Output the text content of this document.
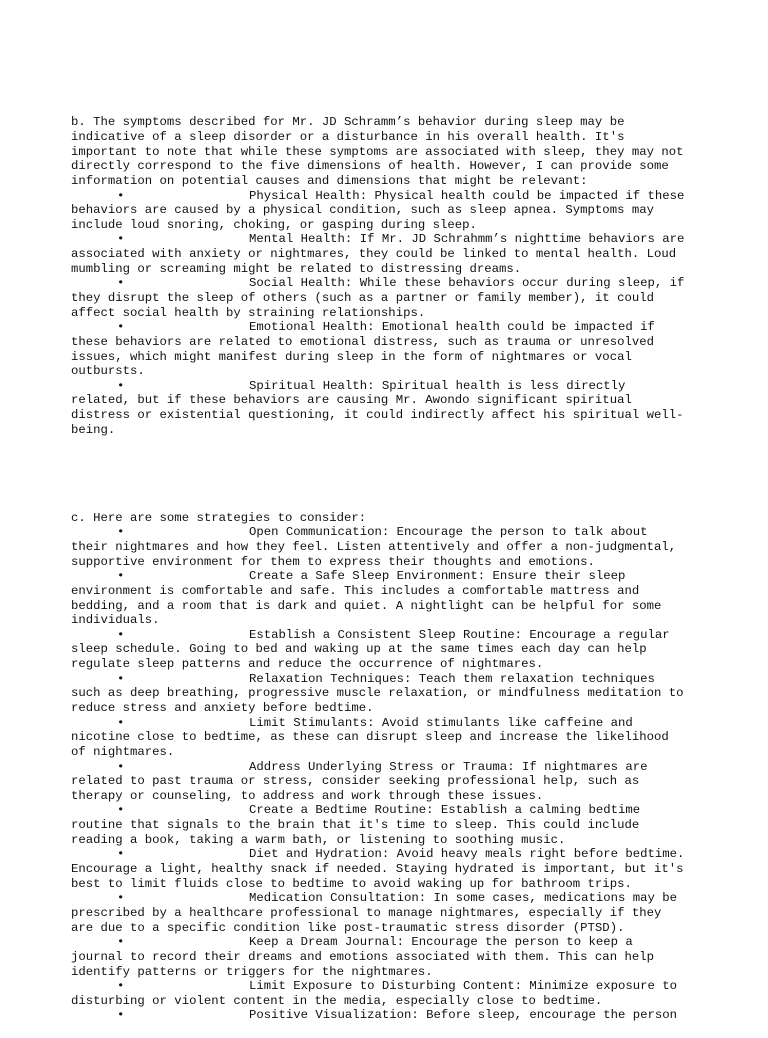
b. The symptoms described for Mr. JD Schramm’s behavior during sleep may be
indicative of a sleep disorder or a disturbance in his overall health. It's
important to note that while these symptoms are associated with sleep, they may not
directly correspond to the five dimensions of health. However, I can provide some
information on potential causes and dimensions that might be relevant:
•	Physical Health: Physical health could be impacted if these
behaviors are caused by a physical condition, such as sleep apnea. Symptoms may
include loud snoring, choking, or gasping during sleep.
•	Mental Health: If Mr. JD Schrahmm’s nighttime behaviors are
associated with anxiety or nightmares, they could be linked to mental health. Loud
mumbling or screaming might be related to distressing dreams.
•	Social Health: While these behaviors occur during sleep, if
they disrupt the sleep of others (such as a partner or family member), it could
affect social health by straining relationships.
•	Emotional Health: Emotional health could be impacted if
these behaviors are related to emotional distress, such as trauma or unresolved
issues, which might manifest during sleep in the form of nightmares or vocal
outbursts.
•	Spiritual Health: Spiritual health is less directly
related, but if these behaviors are causing Mr. Awondo significant spiritual
distress or existential questioning, it could indirectly affect his spiritual well-
being.

c. Here are some strategies to consider:
•	Open Communication: Encourage the person to talk about
their nightmares and how they feel. Listen attentively and offer a non-judgmental,
supportive environment for them to express their thoughts and emotions.
•	Create a Safe Sleep Environment: Ensure their sleep
environment is comfortable and safe. This includes a comfortable mattress and
bedding, and a room that is dark and quiet. A nightlight can be helpful for some
individuals.
•	Establish a Consistent Sleep Routine: Encourage a regular
sleep schedule. Going to bed and waking up at the same times each day can help
regulate sleep patterns and reduce the occurrence of nightmares.
•	Relaxation Techniques: Teach them relaxation techniques
such as deep breathing, progressive muscle relaxation, or mindfulness meditation to
reduce stress and anxiety before bedtime.
•	Limit Stimulants: Avoid stimulants like caffeine and
nicotine close to bedtime, as these can disrupt sleep and increase the likelihood
of nightmares.
•	Address Underlying Stress or Trauma: If nightmares are
related to past trauma or stress, consider seeking professional help, such as
therapy or counseling, to address and work through these issues.
•	Create a Bedtime Routine: Establish a calming bedtime
routine that signals to the brain that it's time to sleep. This could include
reading a book, taking a warm bath, or listening to soothing music.
•	Diet and Hydration: Avoid heavy meals right before bedtime.
Encourage a light, healthy snack if needed. Staying hydrated is important, but it's
best to limit fluids close to bedtime to avoid waking up for bathroom trips.
•	Medication Consultation: In some cases, medications may be
prescribed by a healthcare professional to manage nightmares, especially if they
are due to a specific condition like post-traumatic stress disorder (PTSD).
•	Keep a Dream Journal: Encourage the person to keep a
journal to record their dreams and emotions associated with them. This can help
identify patterns or triggers for the nightmares.
•	Limit Exposure to Disturbing Content: Minimize exposure to
disturbing or violent content in the media, especially close to bedtime.
•	Positive Visualization: Before sleep, encourage the person
